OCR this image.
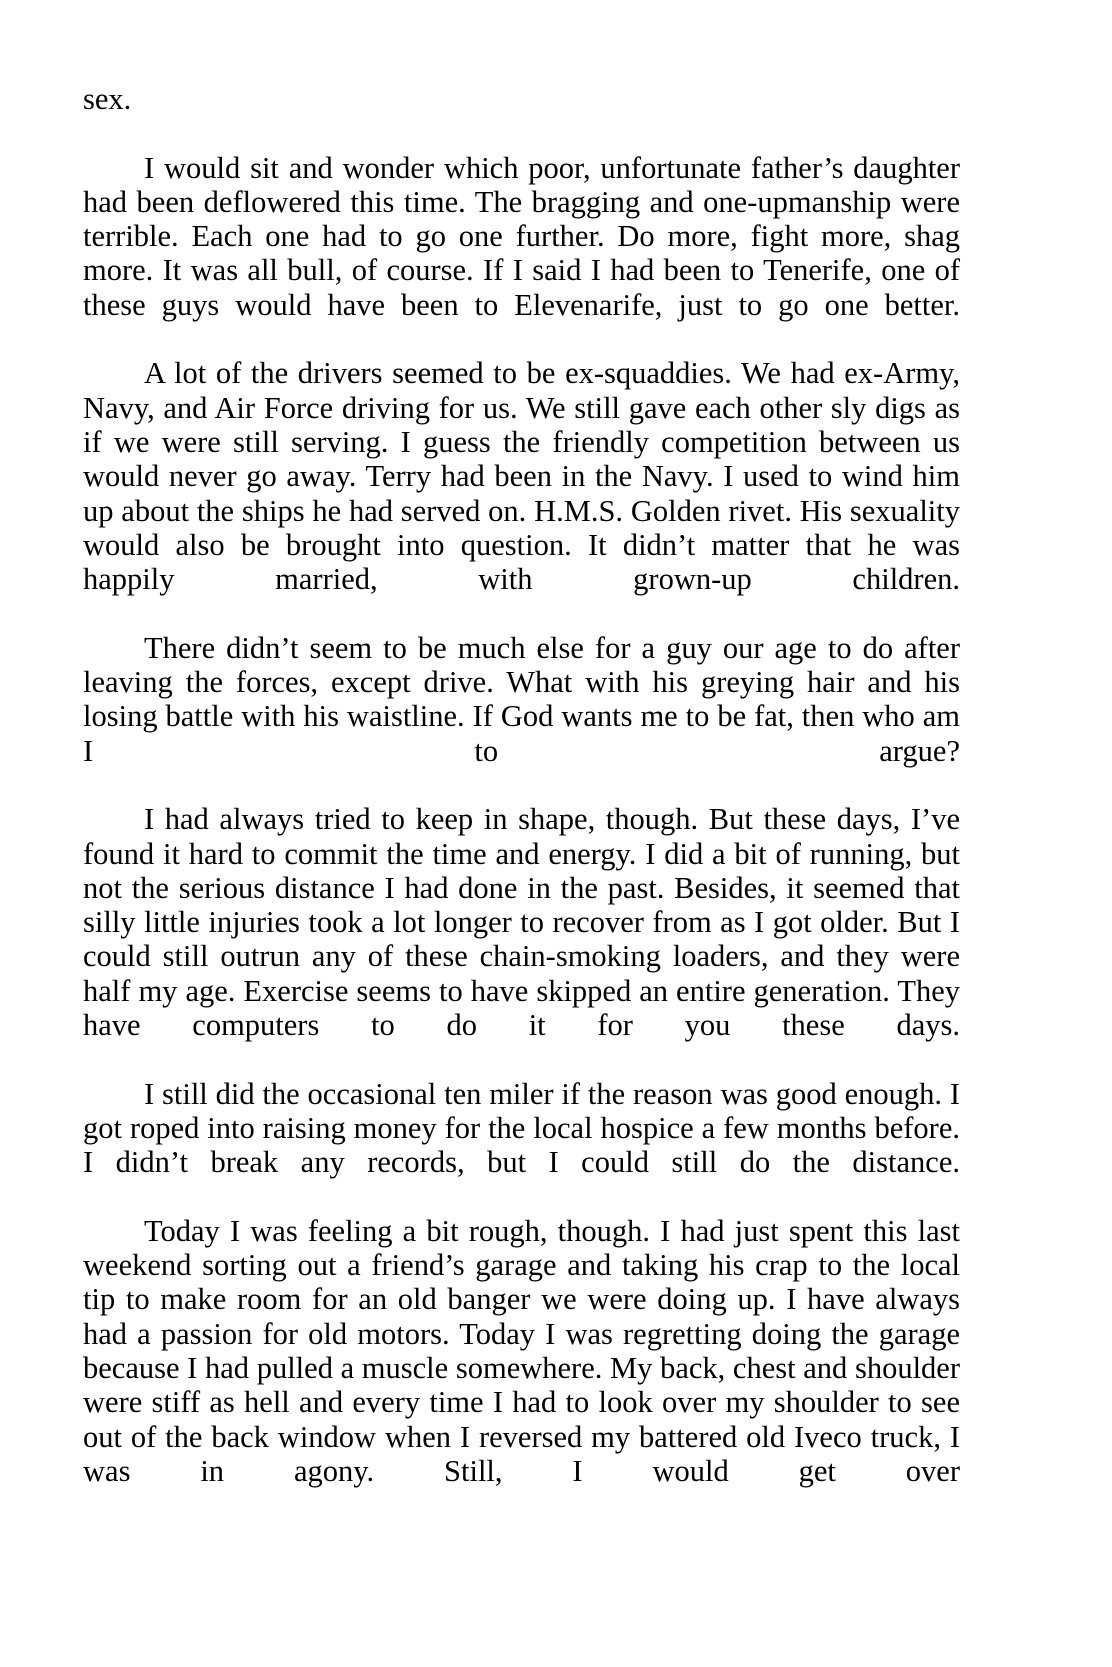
sex.

I would sit and wonder which poor, unfortunate father’s daughter had been deflowered this time. The bragging and one-upmanship were terrible. Each one had to go one further. Do more, fight more, shag more. It was all bull, of course. If I said I had been to Tenerife, one of these guys would have been to Elevenarife, just to go one better.

A lot of the drivers seemed to be ex-squaddies. We had ex-Army, Navy, and Air Force driving for us. We still gave each other sly digs as if we were still serving. I guess the friendly competition between us would never go away. Terry had been in the Navy. I used to wind him up about the ships he had served on. H.M.S. Golden rivet. His sexuality would also be brought into question. It didn’t matter that he was happily married, with grown-up children.

There didn’t seem to be much else for a guy our age to do after leaving the forces, except drive. What with his greying hair and his losing battle with his waistline. If God wants me to be fat, then who am I to argue?

I had always tried to keep in shape, though. But these days, I’ve found it hard to commit the time and energy. I did a bit of running, but not the serious distance I had done in the past. Besides, it seemed that silly little injuries took a lot longer to recover from as I got older. But I could still outrun any of these chain-smoking loaders, and they were half my age. Exercise seems to have skipped an entire generation. They have computers to do it for you these days.

I still did the occasional ten miler if the reason was good enough. I got roped into raising money for the local hospice a few months before. I didn’t break any records, but I could still do the distance.

Today I was feeling a bit rough, though. I had just spent this last weekend sorting out a friend’s garage and taking his crap to the local tip to make room for an old banger we were doing up. I have always had a passion for old motors. Today I was regretting doing the garage because I had pulled a muscle somewhere. My back, chest and shoulder were stiff as hell and every time I had to look over my shoulder to see out of the back window when I reversed my battered old Iveco truck, I was in agony. Still, I would get over
